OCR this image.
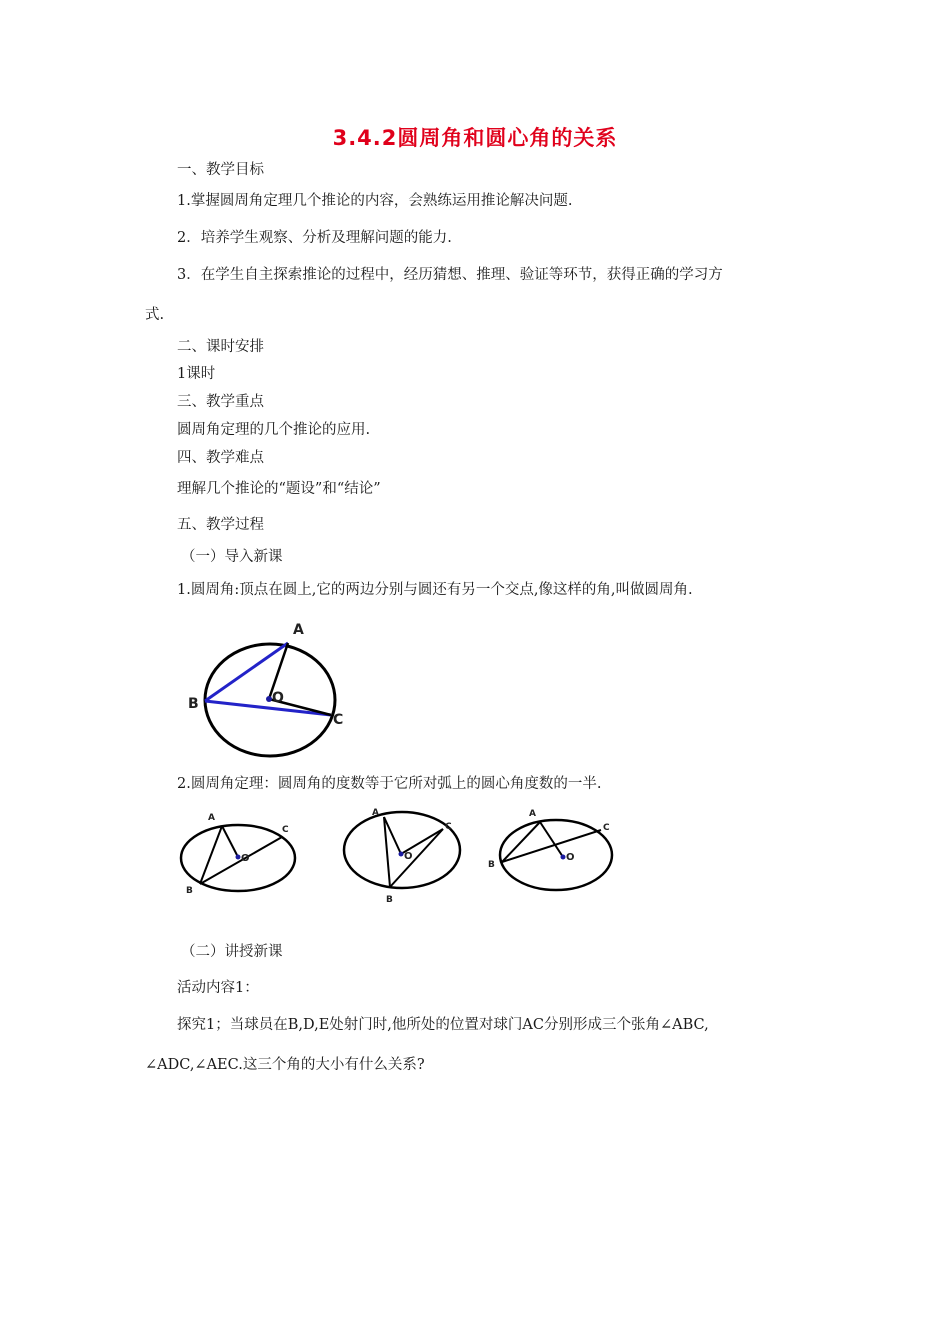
3.4.2圆周角和圆心角的关系

一、教学目标

1.掌握圆周角定理几个推论的内容，会熟练运用推论解决问题.

2．培养学生观察、分析及理解问题的能力.

3．在学生自主探索推论的过程中，经历猜想、推理、验证等环节，获得正确的学习方

式.

二、课时安排

1课时

三、教学重点

圆周角定理的几个推论的应用.

四、教学难点

理解几个推论的“题设”和“结论”

五、教学过程

（一）导入新课

1.圆周角:顶点在圆上,它的两边分别与圆还有另一个交点,像这样的角,叫做圆周角.

A
B
C
O

2.圆周角定理：圆周角的度数等于它所对弧上的圆心角度数的一半.

A
B
C
O
A
B
C
O
A
B
C
O

（二）讲授新课

活动内容1：

探究1；当球员在B,D,E处射门时,他所处的位置对球门AC分别形成三个张角∠ABC,

∠ADC,∠AEC.这三个角的大小有什么关系?
